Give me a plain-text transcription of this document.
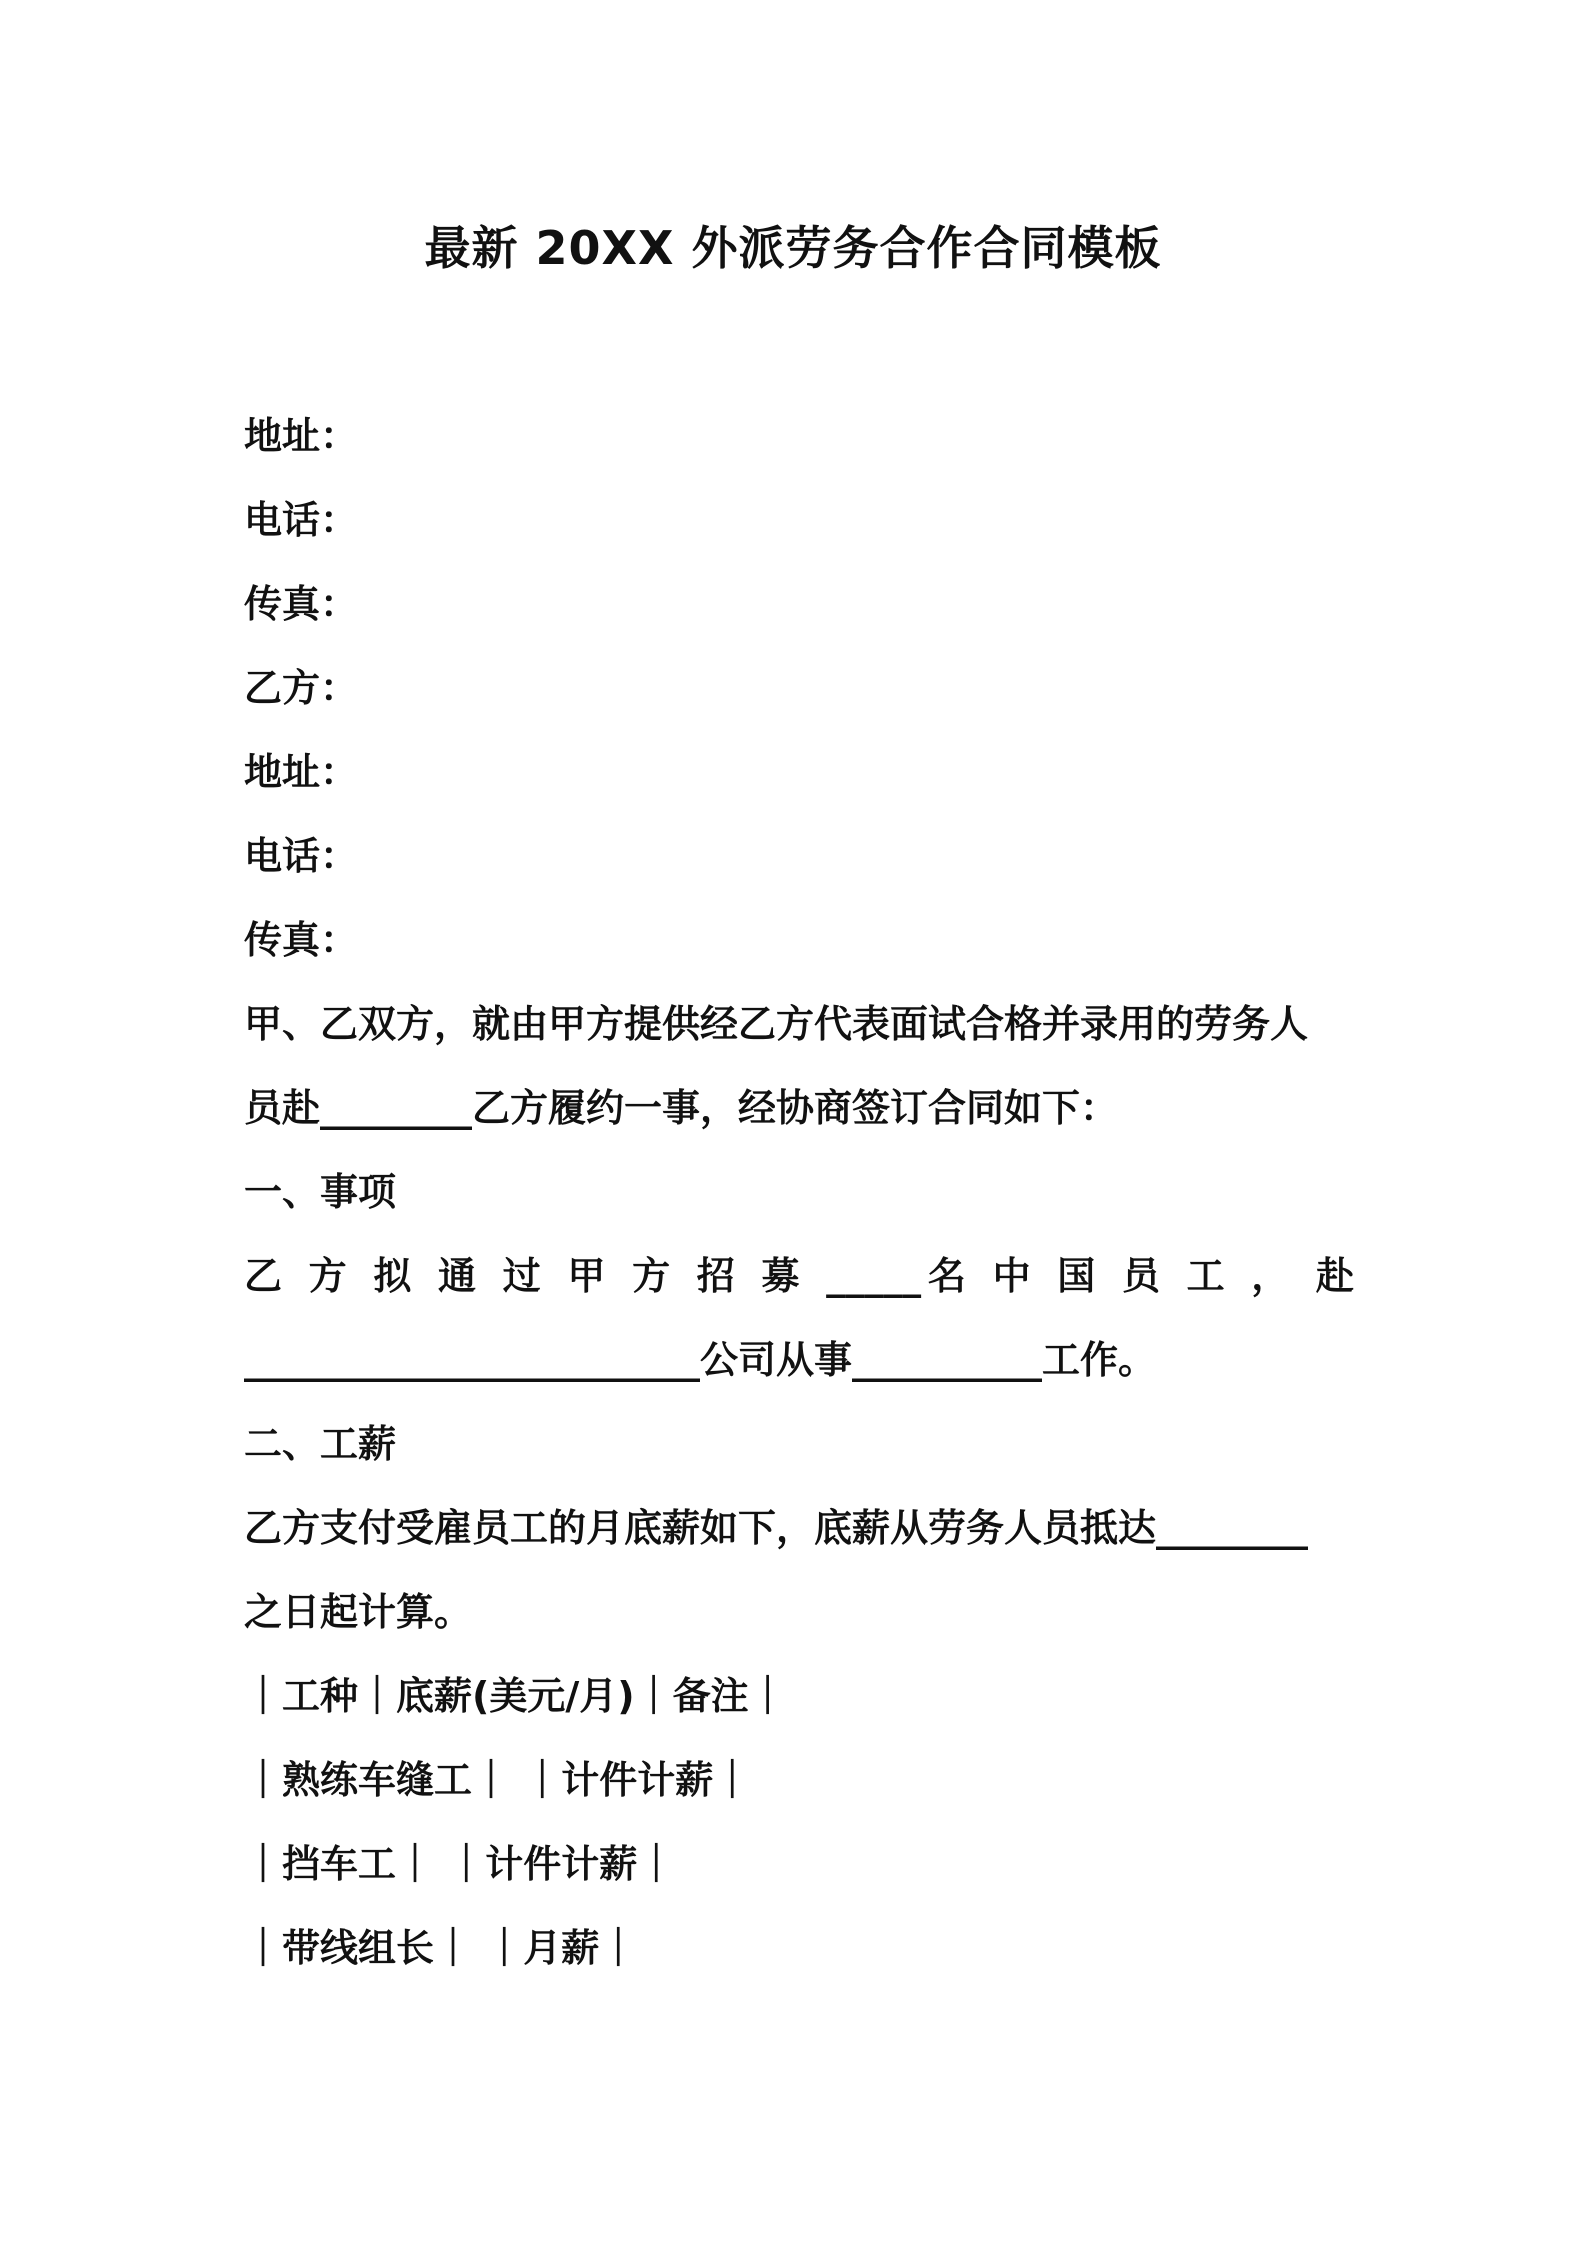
最新 20XX 外派劳务合作合同模板

地址：

电话：

传真：

乙方：

地址：

电话：

传真：

甲、乙双方，就由甲方提供经乙方代表面试合格并录用的劳务人

员赴________乙方履约一事，经协商签订合同如下：

一、事项

乙 方 拟 通 过 甲 方 招 募 _____名 中 国 员 工 ， 赴

________________________公司从事__________工作。

二、工薪

乙方支付受雇员工的月底薪如下，底薪从劳务人员抵达________

之日起计算。

｜工种｜底薪(美元/月)｜备注｜

｜熟练车缝工｜ ｜计件计薪｜

｜挡车工｜ ｜计件计薪｜

｜带线组长｜ ｜月薪｜
